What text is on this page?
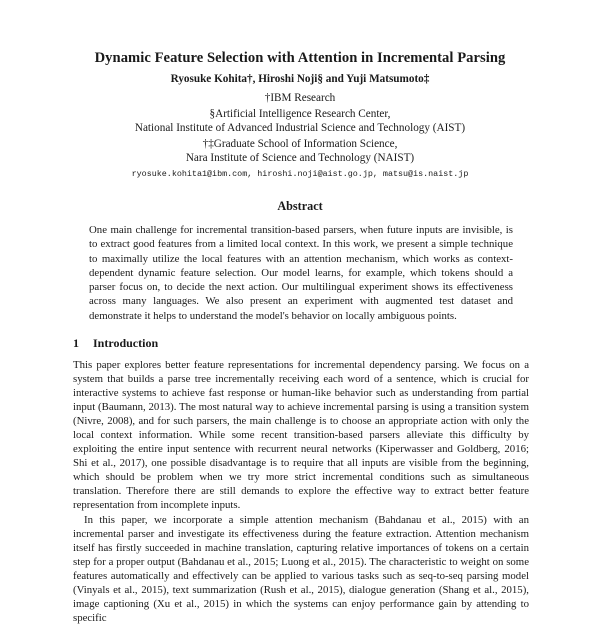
Dynamic Feature Selection with Attention in Incremental Parsing
Ryosuke Kohita†, Hiroshi Noji§ and Yuji Matsumoto‡
†IBM Research
§Artificial Intelligence Research Center,
National Institute of Advanced Industrial Science and Technology (AIST)
†‡Graduate School of Information Science,
Nara Institute of Science and Technology (NAIST)
ryosuke.kohita1@ibm.com, hiroshi.noji@aist.go.jp, matsu@is.naist.jp
Abstract
One main challenge for incremental transition-based parsers, when future inputs are invisible, is to extract good features from a limited local context. In this work, we present a simple technique to maximally utilize the local features with an attention mechanism, which works as context-dependent dynamic feature selection. Our model learns, for example, which tokens should a parser focus on, to decide the next action. Our multilingual experiment shows its effectiveness across many languages. We also present an experiment with augmented test dataset and demonstrate it helps to understand the model's behavior on locally ambiguous points.
1 Introduction
This paper explores better feature representations for incremental dependency parsing. We focus on a system that builds a parse tree incrementally receiving each word of a sentence, which is crucial for interactive systems to achieve fast response or human-like behavior such as understanding from partial input (Baumann, 2013). The most natural way to achieve incremental parsing is using a transition system (Nivre, 2008), and for such parsers, the main challenge is to choose an appropriate action with only the local context information. While some recent transition-based parsers alleviate this difficulty by exploiting the entire input sentence with recurrent neural networks (Kiperwasser and Goldberg, 2016; Shi et al., 2017), one possible disadvantage is to require that all inputs are visible from the beginning, which should be problem when we try more strict incremental conditions such as simultaneous translation. Therefore there are still demands to explore the effective way to extract better feature representation from incomplete inputs.
In this paper, we incorporate a simple attention mechanism (Bahdanau et al., 2015) with an incremental parser and investigate its effectiveness during the feature extraction. Attention mechanism itself has firstly succeeded in machine translation, capturing relative importances of tokens on a certain step for a proper output (Bahdanau et al., 2015; Luong et al., 2015). The characteristic to weight on some features automatically and effectively can be applied to various tasks such as seq-to-seq parsing model (Vinyals et al., 2015), text summarization (Rush et al., 2015), dialogue generation (Shang et al., 2015), image captioning (Xu et al., 2015) in which the systems can enjoy performance gain by attending to specific
